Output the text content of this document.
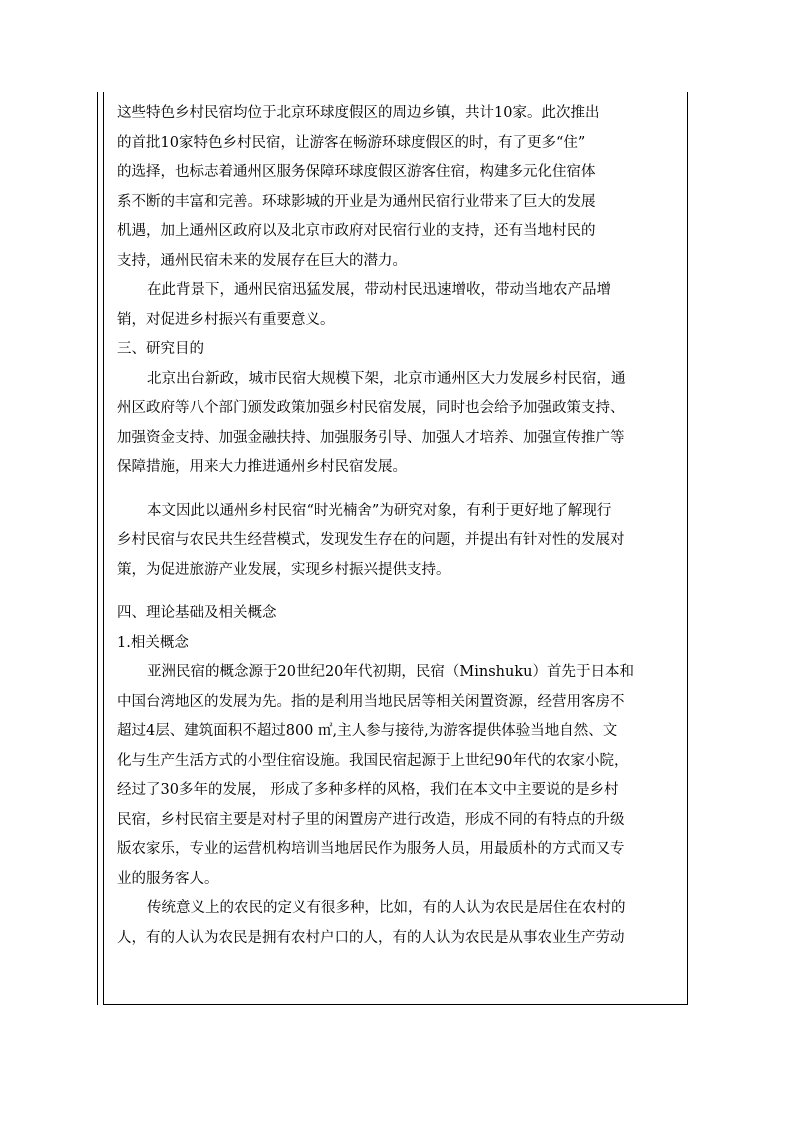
这些特色乡村民宿均位于北京环球度假区的周边乡镇，共计10家。此次推出
的首批10家特色乡村民宿，让游客在畅游环球度假区的时，有了更多“住”
的选择，也标志着通州区服务保障环球度假区游客住宿，构建多元化住宿体
系不断的丰富和完善。环球影城的开业是为通州民宿行业带来了巨大的发展
机遇，加上通州区政府以及北京市政府对民宿行业的支持，还有当地村民的
支持，通州民宿未来的发展存在巨大的潜力。
在此背景下，通州民宿迅猛发展，带动村民迅速增收，带动当地农产品增
销，对促进乡村振兴有重要意义。
三、研究目的
北京出台新政，城市民宿大规模下架，北京市通州区大力发展乡村民宿，通
州区政府等八个部门颁发政策加强乡村民宿发展，同时也会给予加强政策支持、
加强资金支持、加强金融扶持、加强服务引导、加强人才培养、加强宣传推广等
保障措施，用来大力推进通州乡村民宿发展。
本文因此以通州乡村民宿“时光楠舍”为研究对象，有利于更好地了解现行
乡村民宿与农民共生经营模式，发现发生存在的问题，并提出有针对性的发展对
策，为促进旅游产业发展，实现乡村振兴提供支持。
四、理论基础及相关概念
1.相关概念
亚洲民宿的概念源于20世纪20年代初期，民宿（Minshuku）首先于日本和
中国台湾地区的发展为先。指的是利用当地民居等相关闲置资源，经营用客房不
超过4层、建筑面积不超过800 ㎡,主人参与接待,为游客提供体验当地自然、文
化与生产生活方式的小型住宿设施。我国民宿起源于上世纪90年代的农家小院，
经过了30多年的发展， 形成了多种多样的风格，我们在本文中主要说的是乡村
民宿，乡村民宿主要是对村子里的闲置房产进行改造，形成不同的有特点的升级
版农家乐，专业的运营机构培训当地居民作为服务人员，用最质朴的方式而又专
业的服务客人。
传统意义上的农民的定义有很多种，比如，有的人认为农民是居住在农村的
人，有的人认为农民是拥有农村户口的人，有的人认为农民是从事农业生产劳动
